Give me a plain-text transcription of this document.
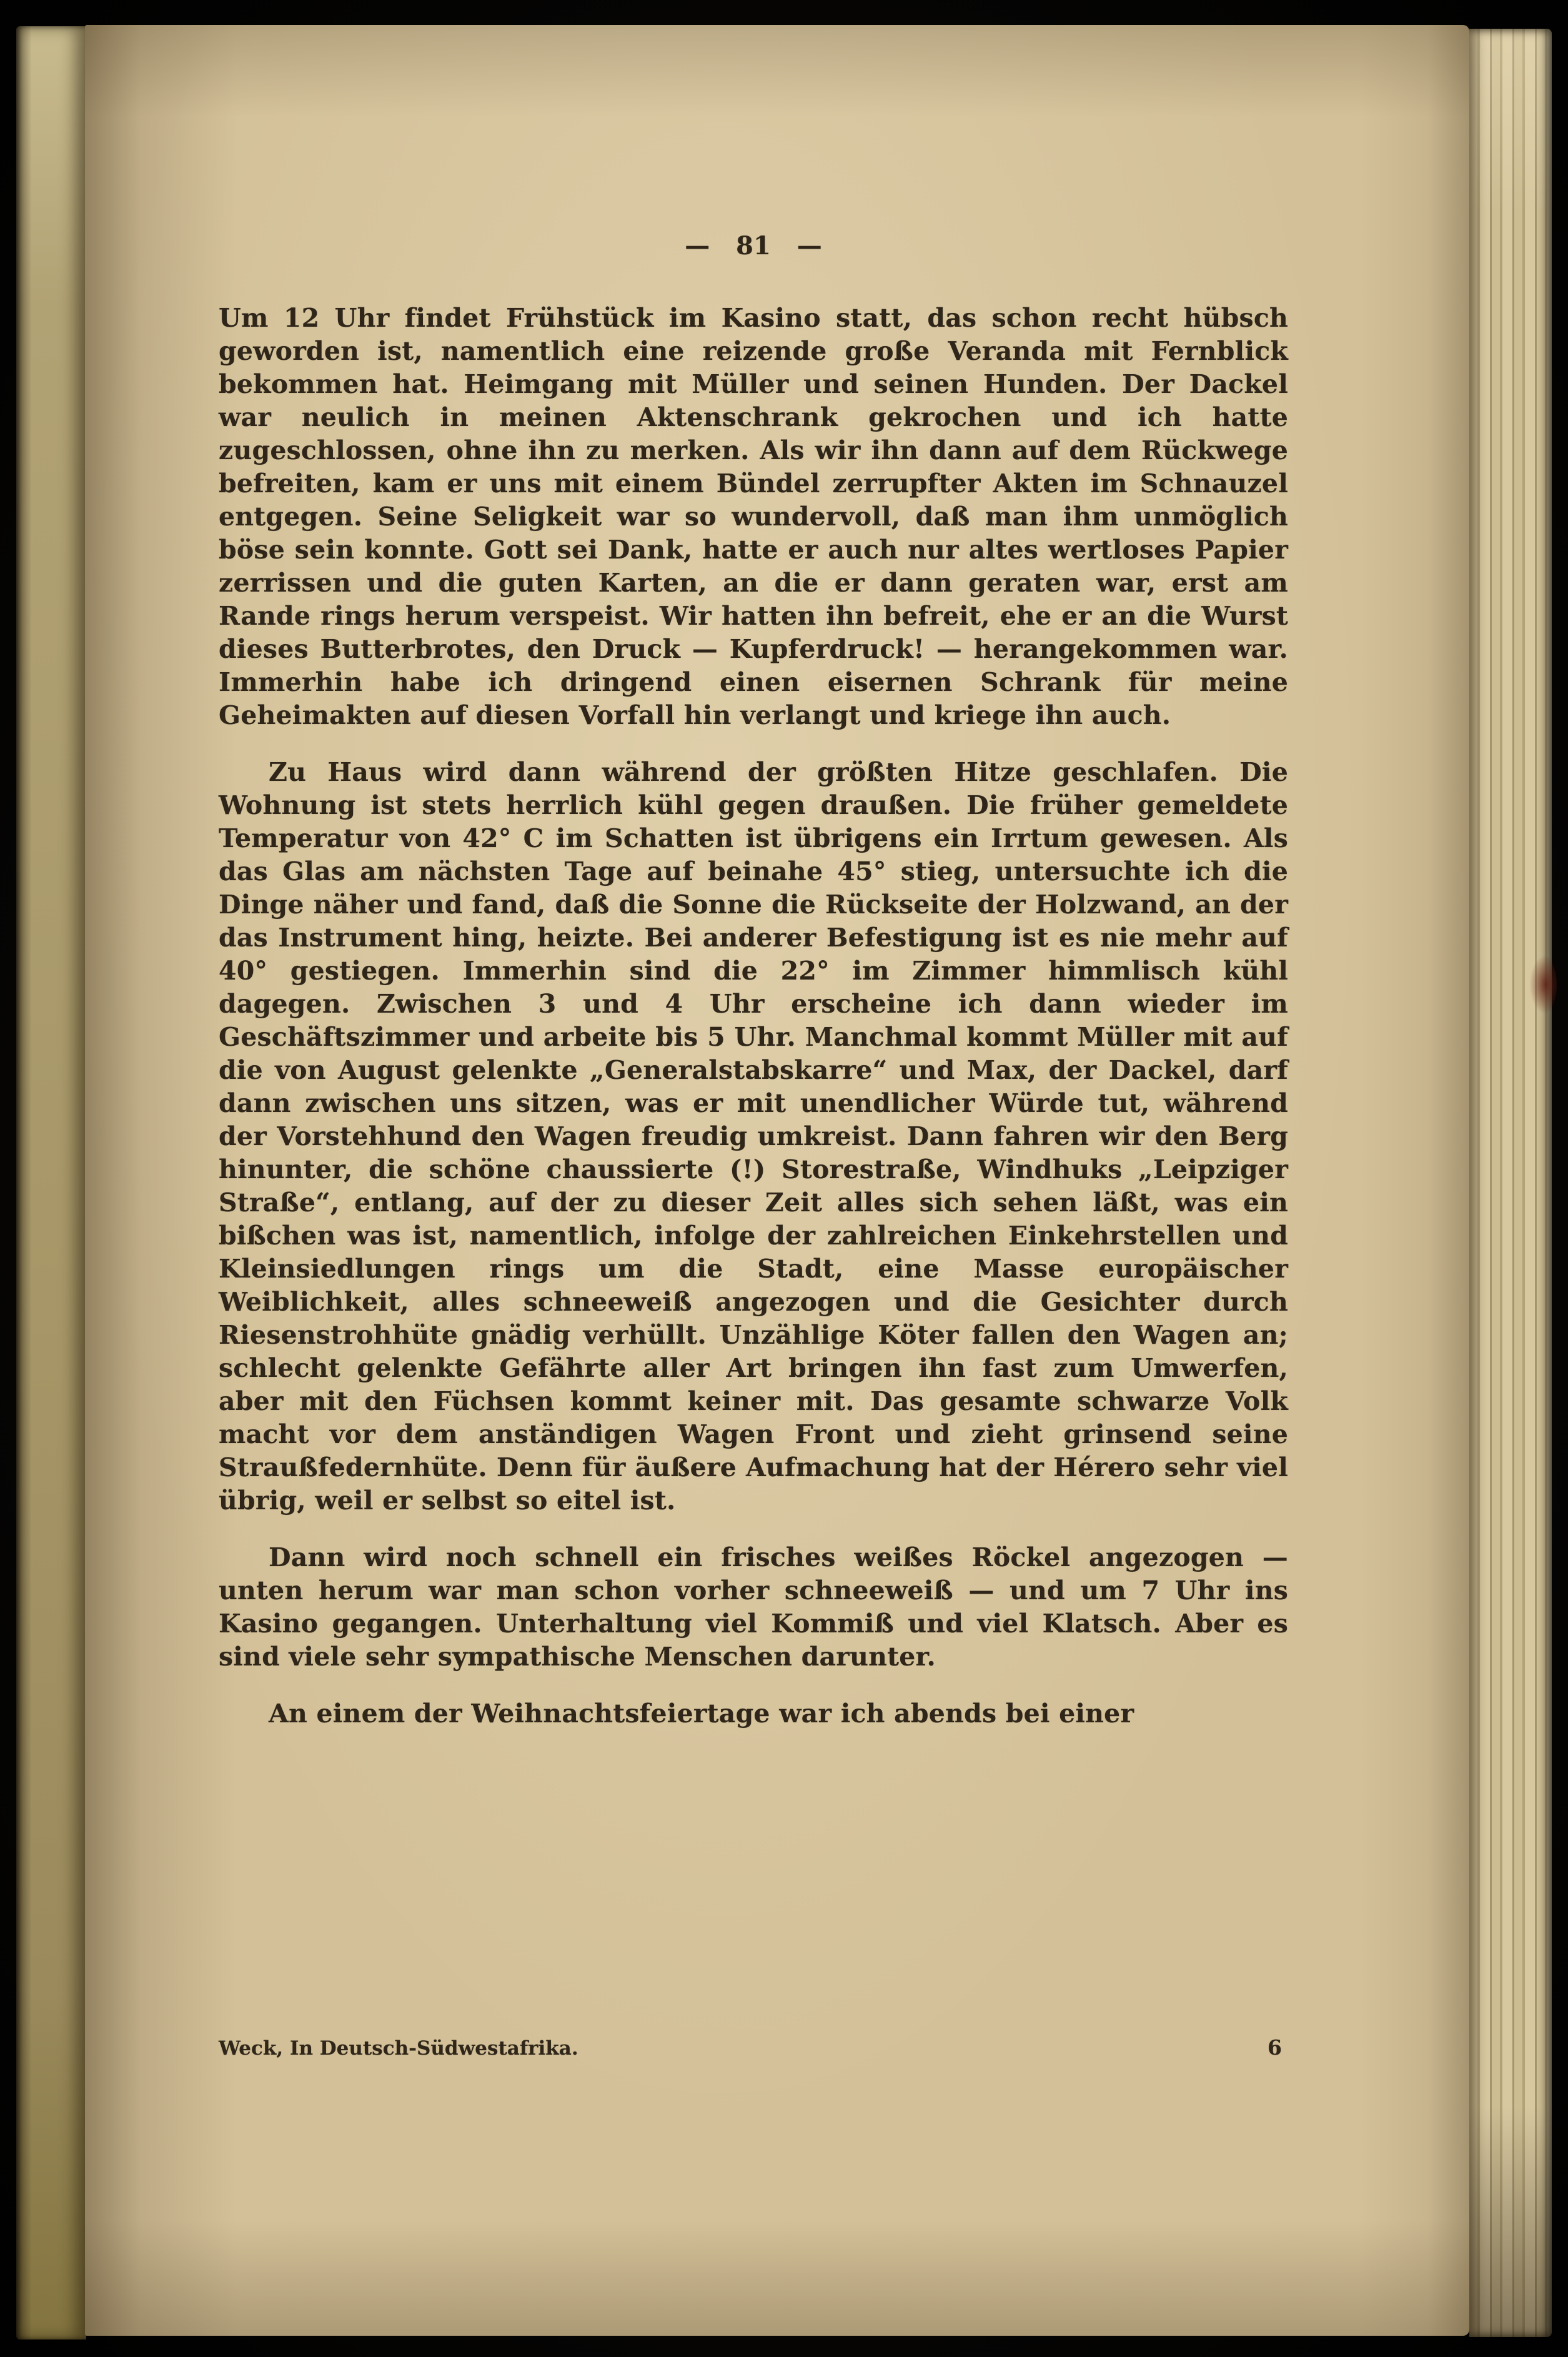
— 81 —

Um 12 Uhr findet Frühstück im Kasino statt, das schon recht hübsch geworden ist, namentlich eine reizende große Veranda mit Fernblick bekommen hat. Heimgang mit Müller und seinen Hunden. Der Dackel war neulich in meinen Aktenschrank gekrochen und ich hatte zugeschlossen, ohne ihn zu merken. Als wir ihn dann auf dem Rückwege befreiten, kam er uns mit einem Bündel zerrupfter Akten im Schnauzel entgegen. Seine Seligkeit war so wundervoll, daß man ihm unmöglich böse sein konnte. Gott sei Dank, hatte er auch nur altes wertloses Papier zerrissen und die guten Karten, an die er dann geraten war, erst am Rande rings herum verspeist. Wir hatten ihn befreit, ehe er an die Wurst dieses Butterbrotes, den Druck — Kupferdruck! — herangekommen war. Immerhin habe ich dringend einen eisernen Schrank für meine Geheimakten auf diesen Vorfall hin verlangt und kriege ihn auch.

Zu Haus wird dann während der größten Hitze geschlafen. Die Wohnung ist stets herrlich kühl gegen draußen. Die früher gemeldete Temperatur von 42° C im Schatten ist übrigens ein Irrtum gewesen. Als das Glas am nächsten Tage auf beinahe 45° stieg, untersuchte ich die Dinge näher und fand, daß die Sonne die Rückseite der Holzwand, an der das Instrument hing, heizte. Bei anderer Befestigung ist es nie mehr auf 40° gestiegen. Immerhin sind die 22° im Zimmer himmlisch kühl dagegen. Zwischen 3 und 4 Uhr erscheine ich dann wieder im Geschäftszimmer und arbeite bis 5 Uhr. Manchmal kommt Müller mit auf die von August gelenkte „Generalstabskarre“ und Max, der Dackel, darf dann zwischen uns sitzen, was er mit unendlicher Würde tut, während der Vorstehhund den Wagen freudig umkreist. Dann fahren wir den Berg hinunter, die schöne chaussierte (!) Storestraße, Windhuks „Leipziger Straße“, entlang, auf der zu dieser Zeit alles sich sehen läßt, was ein bißchen was ist, namentlich, infolge der zahlreichen Einkehrstellen und Kleinsiedlungen rings um die Stadt, eine Masse europäischer Weiblichkeit, alles schneeweiß angezogen und die Gesichter durch Riesenstrohhüte gnädig verhüllt. Unzählige Köter fallen den Wagen an; schlecht gelenkte Gefährte aller Art bringen ihn fast zum Umwerfen, aber mit den Füchsen kommt keiner mit. Das gesamte schwarze Volk macht vor dem anständigen Wagen Front und zieht grinsend seine Straußfedernhüte. Denn für äußere Aufmachung hat der Hérero sehr viel übrig, weil er selbst so eitel ist.

Dann wird noch schnell ein frisches weißes Röckel angezogen — unten herum war man schon vorher schneeweiß — und um 7 Uhr ins Kasino gegangen. Unterhaltung viel Kommiß und viel Klatsch. Aber es sind viele sehr sympathische Menschen darunter.

An einem der Weihnachtsfeiertage war ich abends bei einer

Weck, In Deutsch-Südwestafrika.	6
